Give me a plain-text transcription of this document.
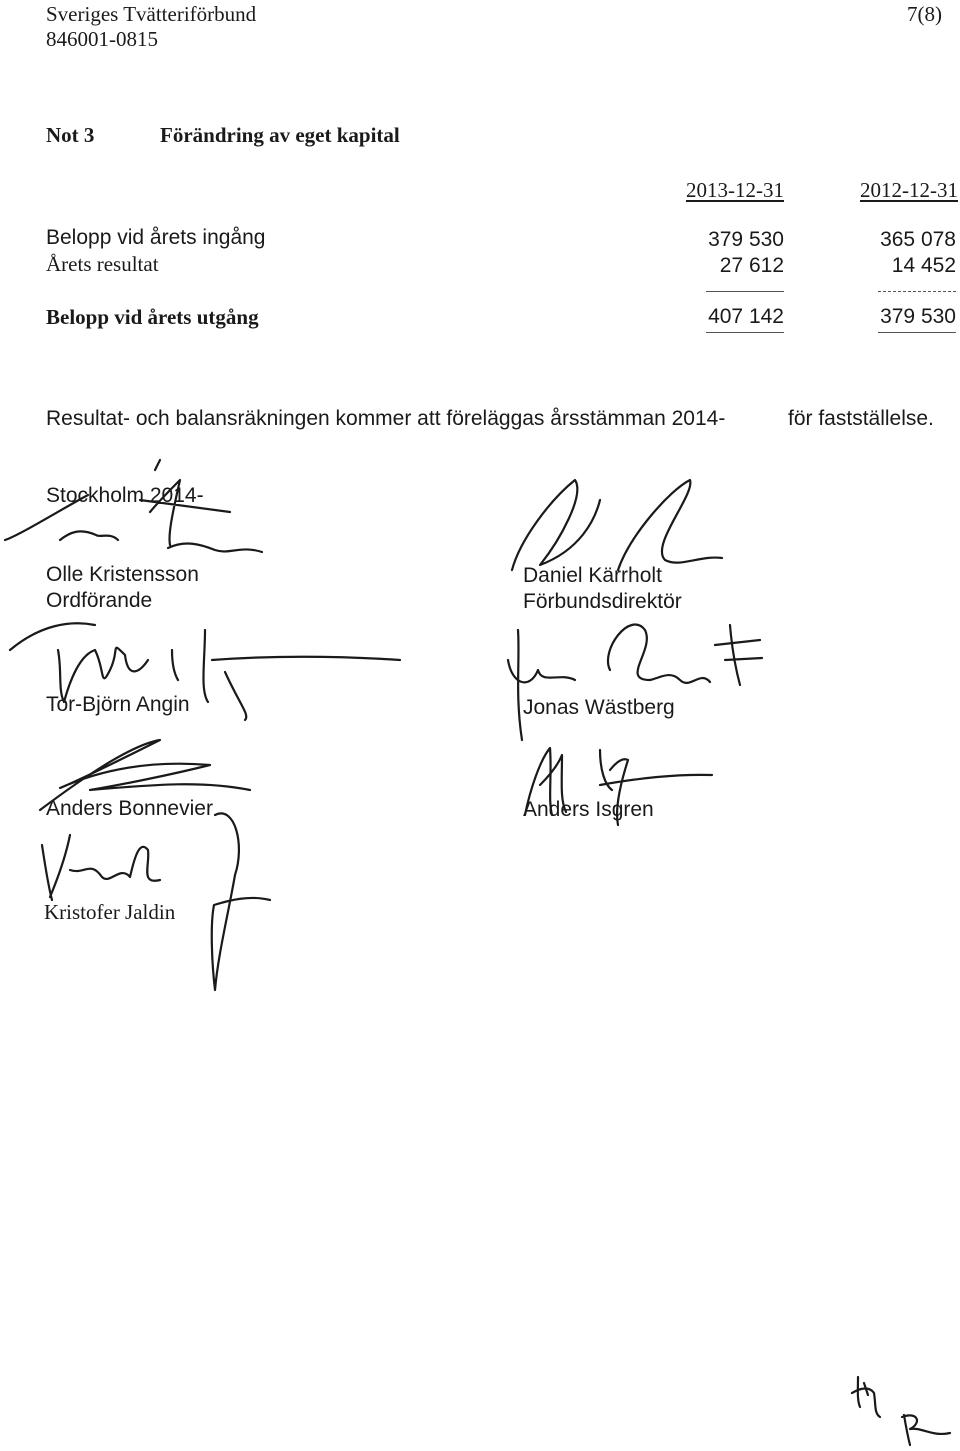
Sveriges Tvätteriförbund
846001-0815
7(8)
Not 3	Förändring av eget kapital
2013-12-31	2012-12-31
Belopp vid årets ingång	379 530	365 078
Årets resultat	27 612	14 452
Belopp vid årets utgång	407 142	379 530
Resultat- och balansräkningen kommer att föreläggas årsstämman 2014-	för fastställelse.
Stockholm 2014-
Olle Kristensson
Ordförande
Daniel Kärrholt
Förbundsdirektör
Tor-Björn Angin	Jonas Wästberg
Anders Bonnevier	Anders Isgren
Kristofer Jaldin
